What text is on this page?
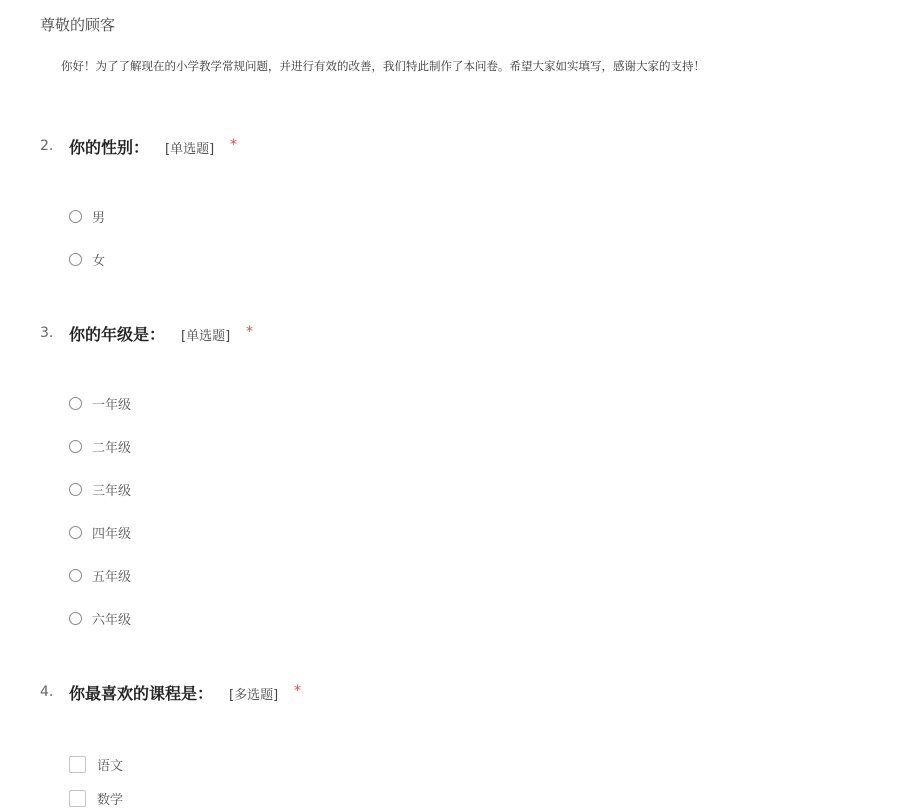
尊敬的顾客
你好！为了了解现在的小学教学常规问题，并进行有效的改善，我们特此制作了本问卷。希望大家如实填写，感谢大家的支持！
2. 你的性别： [单选题] *
男
女
3. 你的年级是： [单选题] *
一年级
二年级
三年级
四年级
五年级
六年级
4. 你最喜欢的课程是： [多选题] *
语文
数学
